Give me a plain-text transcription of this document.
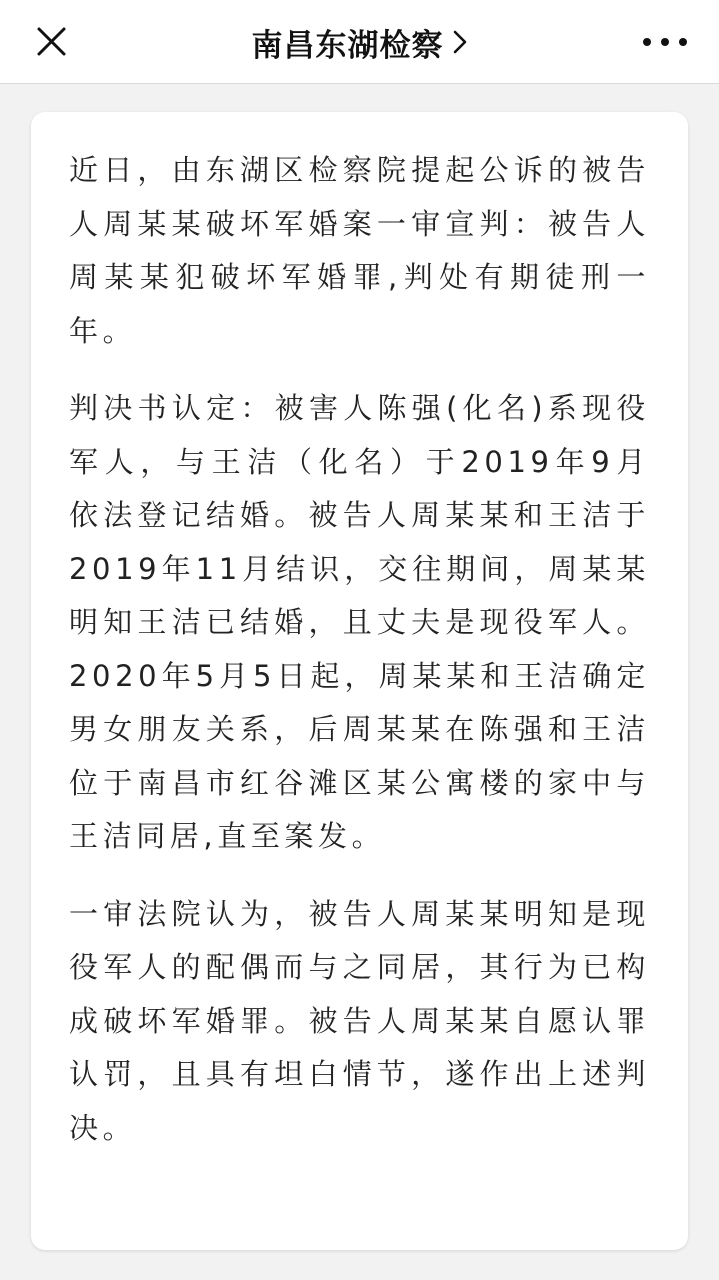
南昌东湖检察

近日，由东湖区检察院提起公诉的被告人周某某破坏军婚案一审宣判：被告人周某某犯破坏军婚罪,判处有期徒刑一年。

判决书认定：被害人陈强(化名)系现役军人，与王洁（化名）于2019年9月依法登记结婚。被告人周某某和王洁于2019年11月结识，交往期间，周某某明知王洁已结婚，且丈夫是现役军人。2020年5月5日起，周某某和王洁确定男女朋友关系，后周某某在陈强和王洁位于南昌市红谷滩区某公寓楼的家中与王洁同居,直至案发。

一审法院认为，被告人周某某明知是现役军人的配偶而与之同居，其行为已构成破坏军婚罪。被告人周某某自愿认罪认罚，且具有坦白情节，遂作出上述判决。
